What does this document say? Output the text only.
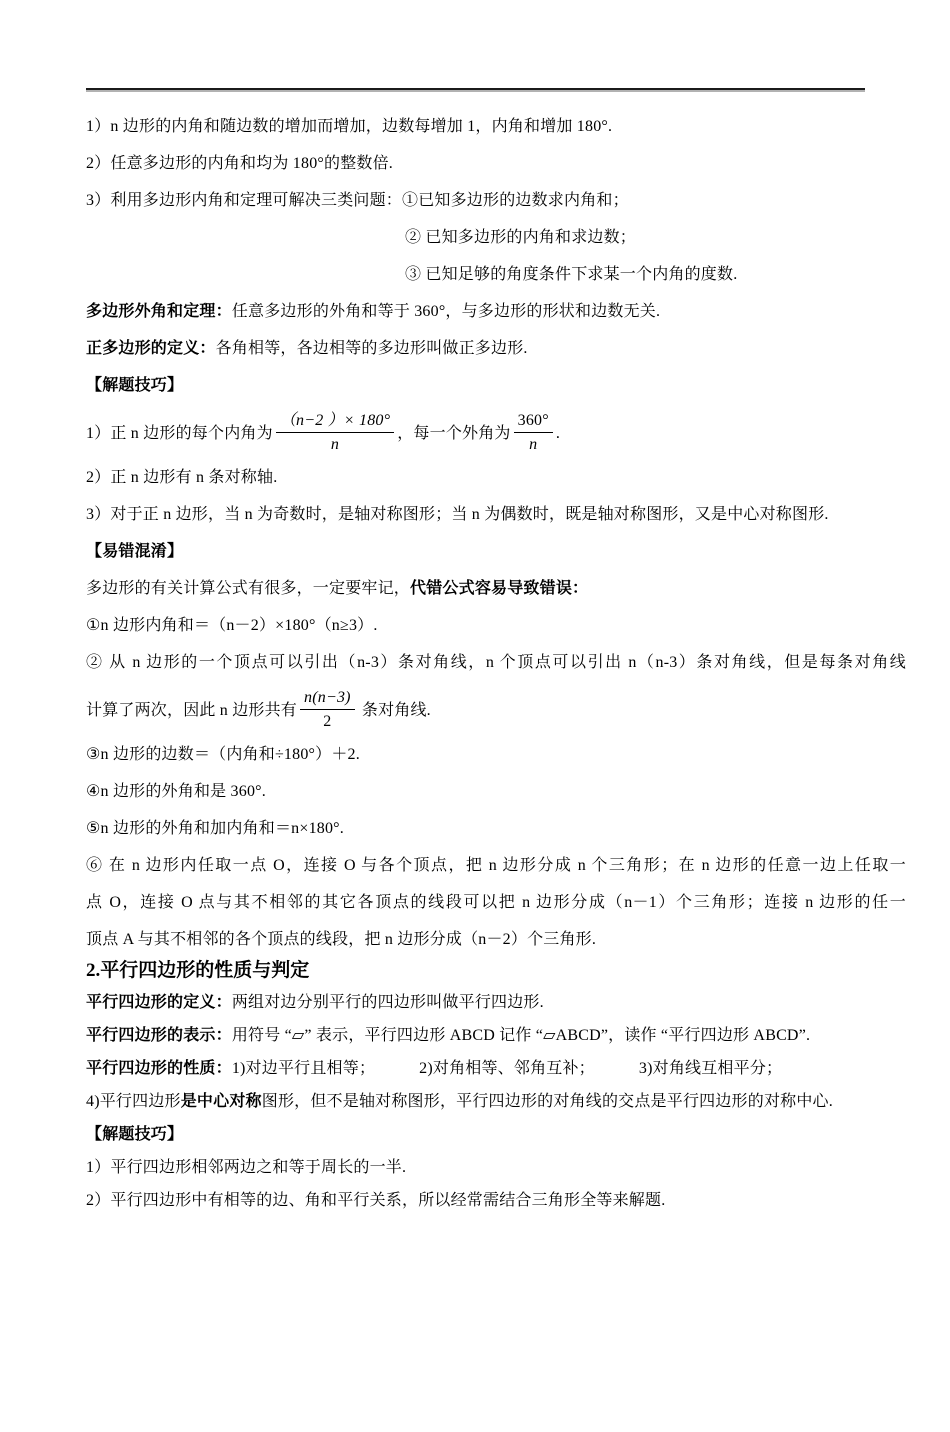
1）n 边形的内角和随边数的增加而增加，边数每增加 1，内角和增加 180°.

2）任意多边形的内角和均为 180°的整数倍.

3）利用多边形内角和定理可解决三类问题：①已知多边形的边数求内角和；

② 已知多边形的内角和求边数；

③ 已知足够的角度条件下求某一个内角的度数.

多边形外角和定理：任意多边形的外角和等于 360°，与多边形的形状和边数无关.

正多边形的定义：各角相等，各边相等的多边形叫做正多边形.

【解题技巧】

1）正 n 边形的每个内角为 $\frac{(n-2 )\times 180^\circ}{n}$ ，每一个外角为 $\frac{360^\circ}{n}$ .

2）正 n 边形有 n 条对称轴.

3）对于正 n 边形，当 n 为奇数时，是轴对称图形；当 n 为偶数时，既是轴对称图形，又是中心对称图形.

【易错混淆】

多边形的有关计算公式有很多，一定要牢记，代错公式容易导致错误：

①n 边形内角和＝（n－2）×180°（n≥3）.

② 从 n 边形的一个顶点可以引出（n-3）条对角线，n 个顶点可以引出 n（n-3）条对角线，但是每条对角线

计算了两次，因此 n 边形共有 $\frac{n(n-3)}{2}$ 条对角线.

③n 边形的边数＝（内角和÷180°）＋2.

④n 边形的外角和是 360°.

⑤n 边形的外角和加内角和＝n×180°.

⑥ 在 n 边形内任取一点 O，连接 O 与各个顶点，把 n 边形分成 n 个三角形；在 n 边形的任意一边上任取一

点 O，连接 O 点与其不相邻的其它各顶点的线段可以把 n 边形分成（n－1）个三角形；连接 n 边形的任一

顶点 A 与其不相邻的各个顶点的线段，把 n 边形分成（n－2）个三角形.

2.平行四边形的性质与判定

平行四边形的定义：两组对边分别平行的四边形叫做平行四边形.

平行四边形的表示：用符号 “▱” 表示，平行四边形 ABCD 记作 “▱ABCD”，读作 “平行四边形 ABCD”.

平行四边形的性质：1)对边平行且相等；	2)对角相等、邻角互补；	3)对角线互相平分；

4)平行四边形是中心对称图形，但不是轴对称图形，平行四边形的对角线的交点是平行四边形的对称中心.

【解题技巧】

1）平行四边形相邻两边之和等于周长的一半.

2）平行四边形中有相等的边、角和平行关系，所以经常需结合三角形全等来解题.
